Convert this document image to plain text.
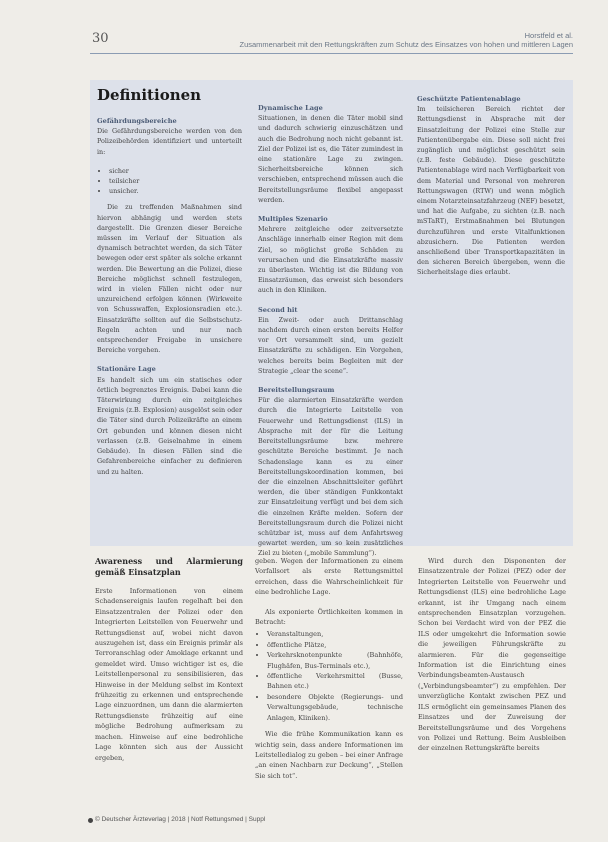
30	Horstfeld et al.
Zusammenarbeit mit den Rettungskräften zum Schutz des Einsatzes von hohen und mittleren Lagen
Definitionen
Gefährdungsbereiche

Die Gefährdungsbereiche werden von den Polizeibehörden identifiziert und unterteilt in:

• sicher
• teilsicher
• unsicher.

Die zu treffenden Maßnahmen sind hiervon abhängig und werden stets dargestellt. Die Grenzen dieser Bereiche müssen im Verlauf der Situation als dynamisch betrachtet werden, da sich Täter bewegen oder erst später als solche erkannt werden. Die Bewertung an die Polizei, diese Bereiche möglichst schnell festzulegen, wird in vielen Fällen nicht oder nur unzureichend erfolgen können (Wirkweite von Schusswaffen, Explosionsradien etc.). Einsatzkräfte sollten auf die Selbstschutz-Regeln achten und nur nach entsprechender Freigabe in unsichere Bereiche vorgehen.

Stationäre Lage

Es handelt sich um ein statisches oder örtlich begrenztes Ereignis. Dabei kann die Täterwirkung durch ein zeitgleiches Ereignis (z.B. Explosion) ausgelöst sein oder die Täter sind durch Polizeikräfte an einem Ort gebunden und können diesen nicht verlassen (z.B. Geiselnahme in einem Gebäude). In diesen Fällen sind die Gefahrenbereiche einfacher zu definieren und zu halten.

Dynamische Lage

Situationen, in denen die Täter mobil sind und dadurch schwierig einzuschätzen und auch die Bedrohung noch nicht gebannt ist. Ziel der Polizei ist es, die Täter zumindest in eine stationäre Lage zu zwingen. Sicherheitsbereiche können sich verschieben, entsprechend müssen auch die Bereitstellungsräume flexibel angepasst werden.

Multiples Szenario

Mehrere zeitgleiche oder zeitversetzte Anschläge innerhalb einer Region mit dem Ziel, so möglichst große Schäden zu verursachen und die Einsatzkräfte massiv zu überlasten. Wichtig ist die Bildung von Einsatzräumen, das erweist sich besonders auch in den Kliniken.

Second hit

Ein Zweit- oder auch Drittanschlag nachdem durch einen ersten bereits Helfer vor Ort versammelt sind, um gezielt Einsatzkräfte zu schädigen. Ein Vorgehen, welches bereits beim Begleiten mit der Strategie „clear the scene“.

Bereitstellungsraum

Für die alarmierten Einsatzkräfte werden durch die Integrierte Leitstelle von Feuerwehr und Rettungsdienst (ILS) in Absprache mit der für die Leitung Bereitstellungsräume bzw. mehrere geschützte Bereiche bestimmt. Je nach Schadenslage kann es zu einer Bereitstellungskoordination kommen, bei der die einzelnen Abschnittsleiter geführt werden, die über ständigen Funkkontakt zur Einsatzleitung verfügt und bei dem sich die einzelnen Kräfte melden. Sofern der Bereitstellungsraum durch die Polizei nicht schützbar ist, muss auf dem Anfahrtsweg gewartet werden, um so kein zusätzliches Ziel zu bieten („mobile Sammlung“).

Geschützte Patientenablage

Im teilsicheren Bereich richtet der Rettungsdienst in Absprache mit der Einsatzleitung der Polizei eine Stelle zur Patientenübergabe ein. Diese soll nicht frei zugänglich und möglichst geschützt sein (z.B. feste Gebäude). Diese geschützte Patientenablage wird nach Verfügbarkeit von dem Material und Personal von mehreren Rettungswagen (RTW) und wenn möglich einem Notarzteinsatzfahrzeug (NEF) besetzt, und hat die Aufgabe, zu sichten (z.B. nach mSTaRT), Erstmaßnahmen bei Blutungen durchzuführen und erste Vitalfunktionen abzusichern. Die Patienten werden anschließend über Transportkapazitäten in den sicheren Bereich übergeben, wenn die Sicherheitslage dies erlaubt.

Awareness und Alarmierung gemäß Einsatzplan

Erste Informationen von einem Schadensereignis laufen regelhaft bei den Einsatzzentralen der Polizei oder den Integrierten Leitstellen von Feuerwehr und Rettungsdienst auf, wobei nicht davon auszugehen ist, dass ein Ereignis primär als Terroranschlag oder Amoklage erkannt und gemeldet wird. Umso wichtiger ist es, die Leitstellenpersonal zu sensibilisieren, das Hinweise in der Meldung selbst im Kontext frühzeitig zu erkennen und entsprechende Lage einzuordnen, um dann die alarmierten Rettungsdienste frühzeitig auf eine mögliche Bedrohung aufmerksam zu machen. Hinweise auf eine bedrohliche Lage könnten sich aus der Aussicht ergeben,

geben. Wegen der Informationen zu einem Vorfallsort als erste Rettungsmittel erreichen, dass die Wahrscheinlichkeit für eine bedrohliche Lage.

Als exponierte Örtlichkeiten kommen in Betracht:

• Veranstaltungen,
• öffentliche Plätze,
• Verkehrsknotenpunkte (Bahnhöfe, Flughäfen, Bus-Terminals etc.),
• öffentliche Verkehrsmittel (Busse, Bahnen etc.)
• besondere Objekte (Regierungs- und Verwaltungsgebäude, technische Anlagen, Kliniken).

Wie die frühe Kommunikation kann es wichtig sein, dass andere Informationen im Leitstelledialog zu geben – bei einer Anfrage „an einen Nachbarn zur Deckung“, „Stellen Sie sich tot“.

Wird durch den Disponenten der Einsatzzentrale der Polizei (PEZ) oder der Integrierten Leitstelle von Feuerwehr und Rettungsdienst (ILS) eine bedrohliche Lage erkannt, ist ihr Umgang nach einem entsprechenden Einsatzplan vorzugehen. Schon bei Verdacht wird von der PEZ die ILS oder umgekehrt die Information sowie die jeweiligen Führungskräfte zu alarmieren. Für die gegenseitige Information ist die Einrichtung eines Verbindungsbeamten-Austausch („Verbindungsbeamter“) zu empfehlen. Der unverzügliche Kontakt zwischen PEZ und ILS ermöglicht ein gemeinsames Planen des Einsatzes und der Zuweisung der Bereitstellungsräume und des Vorgehens von Polizei und Rettung. Beim Ausbleiben der einzelnen Rettungskräfte bereits

© Deutscher Ärzteverlag | 2018 | Notf Rettungsmed | Suppl
